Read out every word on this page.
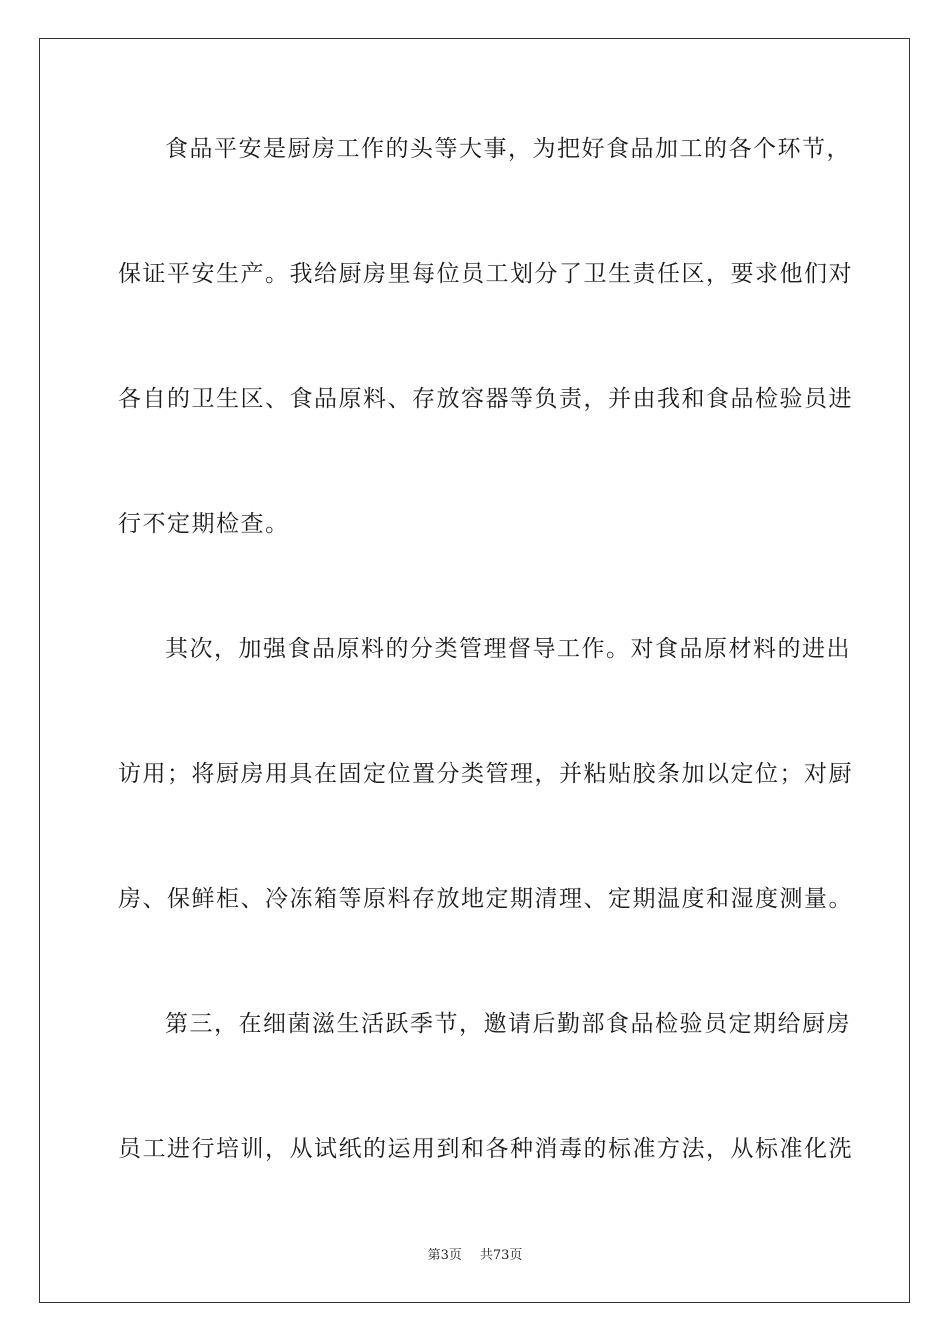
食品平安是厨房工作的头等大事，为把好食品加工的各个环节，
保证平安生产。我给厨房里每位员工划分了卫生责任区，要求他们对
各自的卫生区、食品原料、存放容器等负责，并由我和食品检验员进
行不定期检查。
其次，加强食品原料的分类管理督导工作。对食品原材料的进出
访用；将厨房用具在固定位置分类管理，并粘贴胶条加以定位；对厨
房、保鲜柜、冷冻箱等原料存放地定期清理、定期温度和湿度测量。
第三，在细菌滋生活跃季节，邀请后勤部食品检验员定期给厨房
员工进行培训，从试纸的运用到和各种消毒的标准方法，从标准化洗
第3页 共73页
